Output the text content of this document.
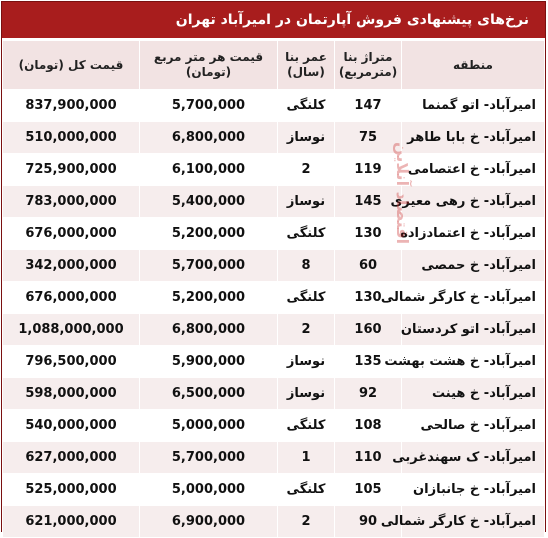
نرخ‌های پیشنهادی فروش آپارتمان در امیرآباد تهران
منطقه	متراژ بنا (مترمربع)	عمر بنا (سال)	قیمت هر متر مربع (تومان)	قیمت کل (تومان)
امیرآباد- اتو گمنما	147	کلنگی	5,700,000	837,900,000
امیرآباد- خ بابا طاهر	75	نوساز	6,800,000	510,000,000
امیرآباد- خ اعتصامی	119	2	6,100,000	725,900,000
امیرآباد- خ رهی معیری	145	نوساز	5,400,000	783,000,000
امیرآباد- خ اعتمادزاده	130	کلنگی	5,200,000	676,000,000
امیرآباد- خ حمصی	60	8	5,700,000	342,000,000
امیرآباد- خ کارگر شمالی	130	کلنگی	5,200,000	676,000,000
امیرآباد- اتو کردستان	160	2	6,800,000	1,088,000,000
امیرآباد- خ هشت بهشت	135	نوساز	5,900,000	796,500,000
امیرآباد- خ هینت	92	نوساز	6,500,000	598,000,000
امیرآباد- خ صالحی	108	کلنگی	5,000,000	540,000,000
امیرآباد- ک سهندغربی	110	1	5,700,000	627,000,000
امیرآباد- خ جانبازان	105	کلنگی	5,000,000	525,000,000
امیرآباد- خ کارگر شمالی	90	2	6,900,000	621,000,000
اقتصاد آنلاین
